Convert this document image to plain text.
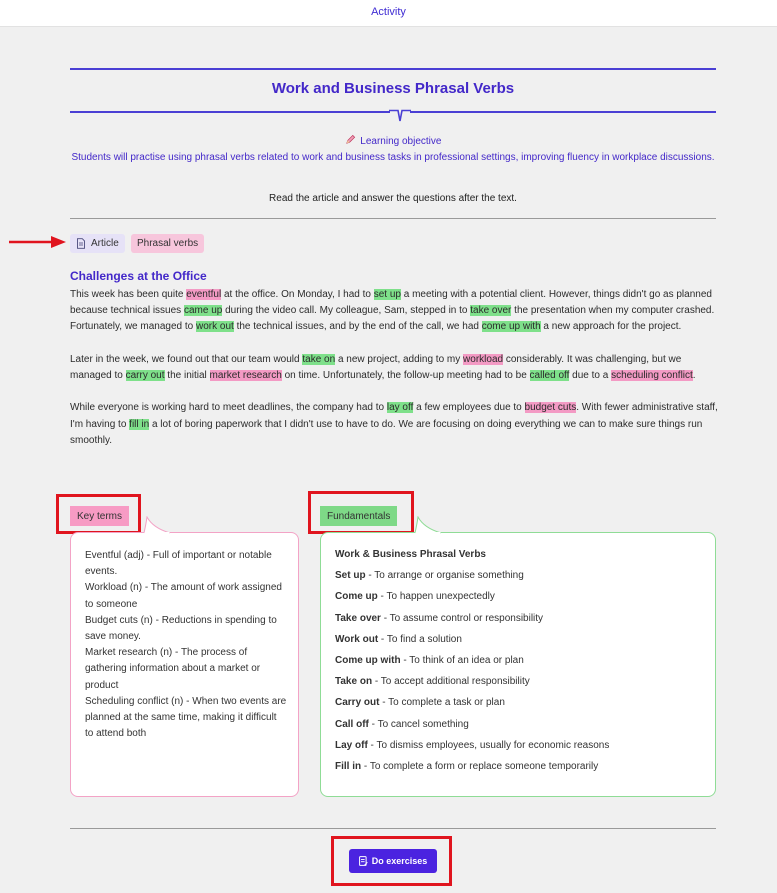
Activity
Work and Business Phrasal Verbs
Learning objective
Students will practise using phrasal verbs related to work and business tasks in professional settings, improving fluency in workplace discussions.
Read the article and answer the questions after the text.
Article Phrasal verbs
Challenges at the Office

This week has been quite eventful at the office. On Monday, I had to set up a meeting with a potential client. However, things didn't go as planned because technical issues came up during the video call. My colleague, Sam, stepped in to take over the presentation when my computer crashed. Fortunately, we managed to work out the technical issues, and by the end of the call, we had come up with a new approach for the project.

Later in the week, we found out that our team would take on a new project, adding to my workload considerably. It was challenging, but we managed to carry out the initial market research on time. Unfortunately, the follow-up meeting had to be called off due to a scheduling conflict.

While everyone is working hard to meet deadlines, the company had to lay off a few employees due to budget cuts. With fewer administrative staff, I'm having to fill in a lot of boring paperwork that I didn't use to have to do. We are focusing on doing everything we can to make sure things run smoothly.

Key terms
Eventful (adj) - Full of important or notable events.
Workload (n) - The amount of work assigned to someone
Budget cuts (n) - Reductions in spending to save money.
Market research (n) - The process of gathering information about a market or product
Scheduling conflict (n) - When two events are planned at the same time, making it difficult to attend both
Fundamentals
Work & Business Phrasal Verbs
Set up - To arrange or organise something
Come up - To happen unexpectedly
Take over - To assume control or responsibility
Work out - To find a solution
Come up with - To think of an idea or plan
Take on - To accept additional responsibility
Carry out - To complete a task or plan
Call off - To cancel something
Lay off - To dismiss employees, usually for economic reasons
Fill in - To complete a form or replace someone temporarily
Do exercises
